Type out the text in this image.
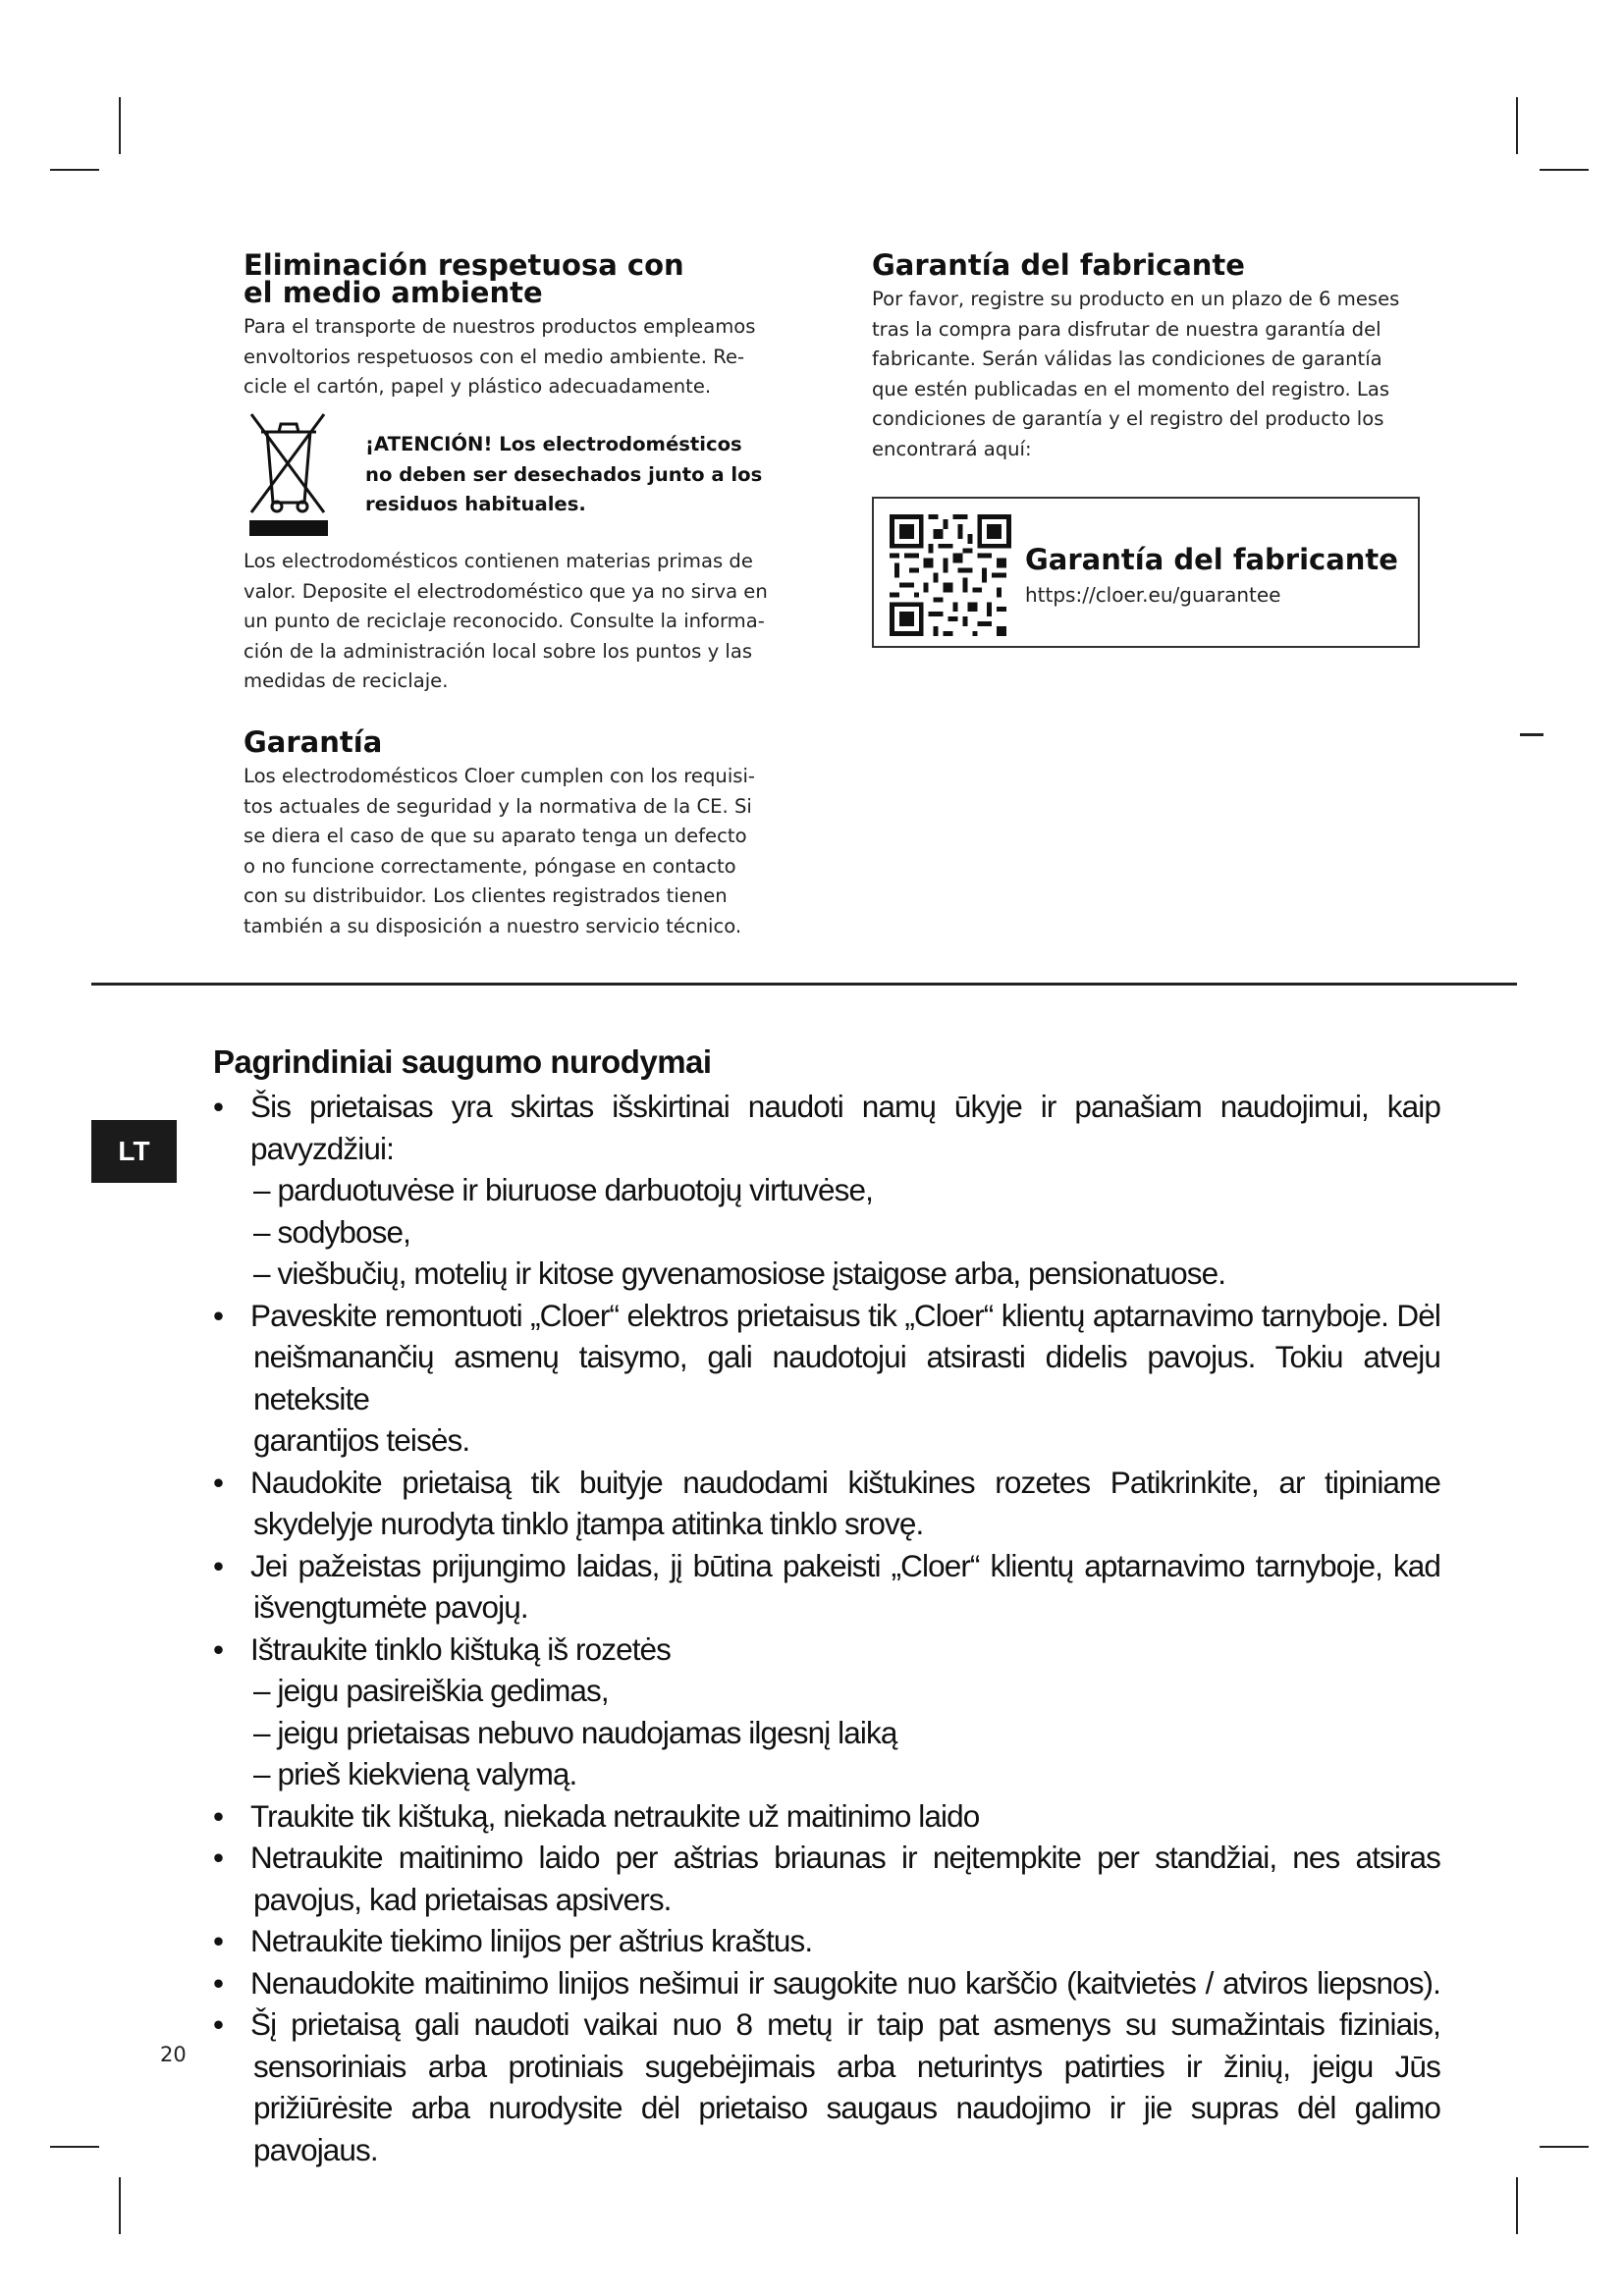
Eliminación respetuosa con
el medio ambiente

Para el transporte de nuestros productos empleamos
envoltorios respetuosos con el medio ambiente. Re-
cicle el cartón, papel y plástico adecuadamente.

¡ATENCIÓN! Los electrodomésticos
no deben ser desechados junto a los
residuos habituales.

Los electrodomésticos contienen materias primas de
valor. Deposite el electrodoméstico que ya no sirva en
un punto de reciclaje reconocido. Consulte la informa-
ción de la administración local sobre los puntos y las
medidas de reciclaje.

Garantía

Los electrodomésticos Cloer cumplen con los requisi-
tos actuales de seguridad y la normativa de la CE. Si
se diera el caso de que su aparato tenga un defecto
o no funcione correctamente, póngase en contacto
con su distribuidor. Los clientes registrados tienen
también a su disposición a nuestro servicio técnico.

Garantía del fabricante

Por favor, registre su producto en un plazo de 6 meses
tras la compra para disfrutar de nuestra garantía del
fabricante. Serán válidas las condiciones de garantía
que estén publicadas en el momento del registro. Las
condiciones de garantía y el registro del producto los
encontrará aquí:

Garantía del fabricante
https://cloer.eu/guarantee
LT
Pagrindiniai saugumo nurodymai
• Šis prietaisas yra skirtas išskirtinai naudoti namų ūkyje ir panašiam naudojimui, kaip pavyzdžiui:
– parduotuvėse ir biuruose darbuotojų virtuvėse,
– sodybose,
– viešbučių, motelių ir kitose gyvenamosiose įstaigose arba, pensionatuose.
• Paveskite remontuoti „Cloer“ elektros prietaisus tik „Cloer“ klientų aptarnavimo tarnyboje. Dėl
neišmanančių asmenų taisymo, gali naudotojui atsirasti didelis pavojus. Tokiu atveju neteksite
garantijos teisės.
• Naudokite prietaisą tik buityje naudodami kištukines rozetes Patikrinkite, ar tipiniame
skydelyje nurodyta tinklo įtampa atitinka tinklo srovę.
• Jei pažeistas prijungimo laidas, jį būtina pakeisti „Cloer“ klientų aptarnavimo tarnyboje, kad
išvengtumėte pavojų.
• Ištraukite tinklo kištuką iš rozetės
– jeigu pasireiškia gedimas,
– jeigu prietaisas nebuvo naudojamas ilgesnį laiką
– prieš kiekvieną valymą.
• Traukite tik kištuką, niekada netraukite už maitinimo laido
• Netraukite maitinimo laido per aštrias briaunas ir neįtempkite per standžiai, nes atsiras
pavojus, kad prietaisas apsivers.
• Netraukite tiekimo linijos per aštrius kraštus.
• Nenaudokite maitinimo linijos nešimui ir saugokite nuo karščio (kaitvietės / atviros liepsnos).
• Šį prietaisą gali naudoti vaikai nuo 8 metų ir taip pat asmenys su sumažintais fiziniais,
sensoriniais arba protiniais sugebėjimais arba neturintys patirties ir žinių, jeigu Jūs
prižiūrėsite arba nurodysite dėl prietaiso saugaus naudojimo ir jie supras dėl galimo
pavojaus.
20
